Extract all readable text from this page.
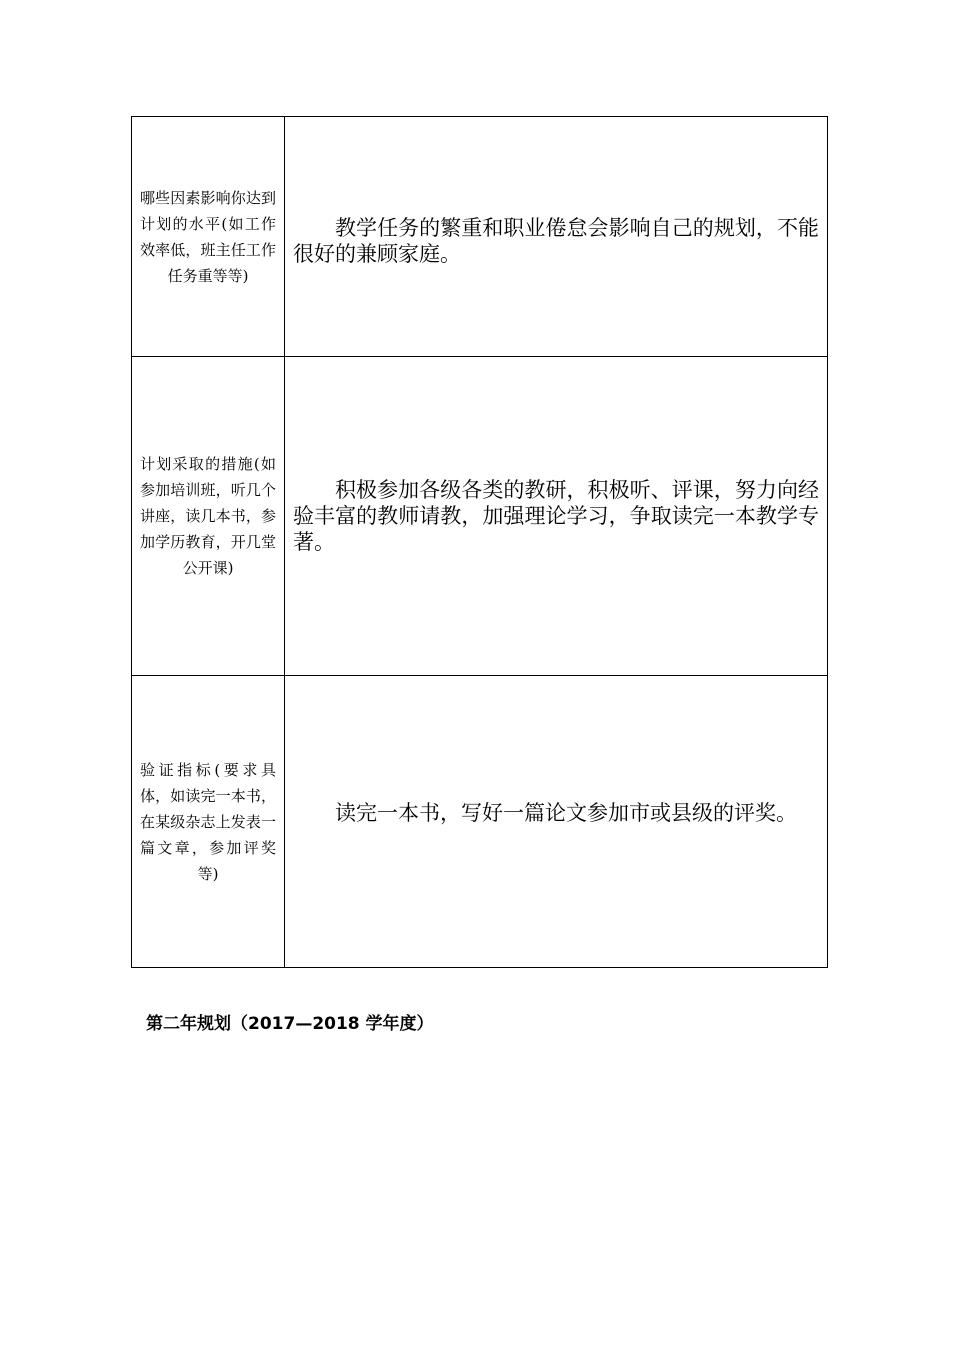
哪些因素影响你达到计划的水平(如工作效率低，班主任工作任务重等等)	教学任务的繁重和职业倦怠会影响自己的规划，不能很好的兼顾家庭。

计划采取的措施(如参加培训班，听几个讲座，读几本书，参加学历教育，开几堂公开课)	积极参加各级各类的教研，积极听、评课，努力向经验丰富的教师请教，加强理论学习，争取读完一本教学专著。

验证指标(要求具体，如读完一本书，在某级杂志上发表一篇文章，参加评奖等)	读完一本书，写好一篇论文参加市或县级的评奖。
第二年规划（2017—2018 学年度）
